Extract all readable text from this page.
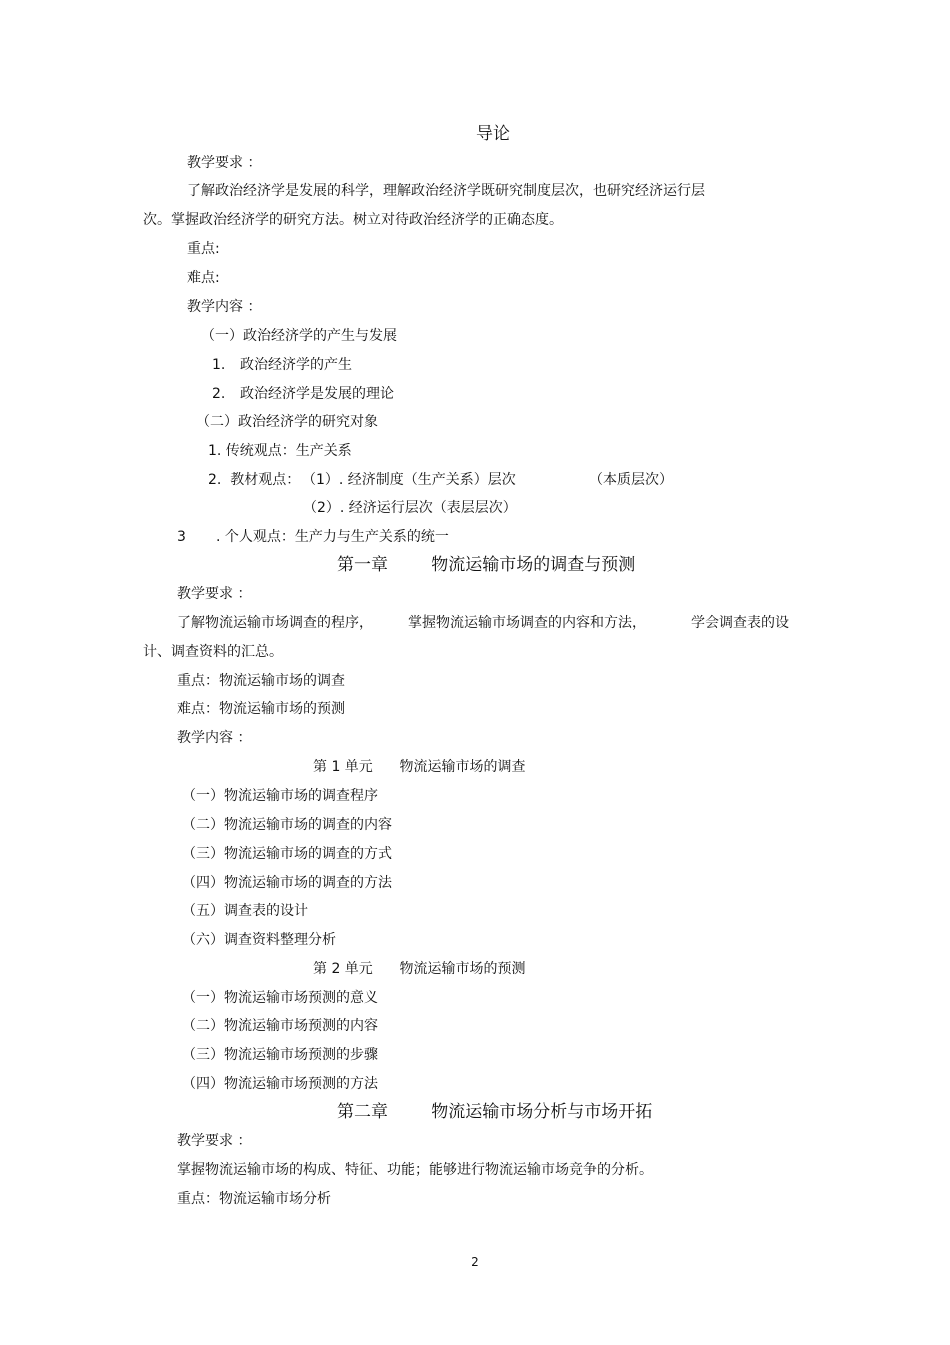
导论
教学要求 ：
了解政治经济学是发展的科学，理解政治经济学既研究制度层次，也研究经济运行层
次。掌握政治经济学的研究方法。树立对待政治经济学的正确态度。
重点:
难点:
教学内容 ：
（一）政治经济学的产生与发展
1. 政治经济学的产生
2. 政治经济学是发展的理论
（二）政治经济学的研究对象
1. 传统观点：生产关系
2.  教材观点： （1）. 经济制度（生产关系）层次	（本质层次）
（2）. 经济运行层次（表层层次）
3 . 个人观点：生产力与生产关系的统一
第一章        物流运输市场的调查与预测
教学要求 ：
了解物流运输市场调查的程序，	掌握物流运输市场调查的内容和方法，	学会调查表的设
计、调查资料的汇总。
重点：物流运输市场的调查
难点：物流运输市场的预测
教学内容 ：
第 1 单元      物流运输市场的调查
（一）物流运输市场的调查程序
（二）物流运输市场的调查的内容
（三）物流运输市场的调查的方式
（四）物流运输市场的调查的方法
（五）调查表的设计
（六）调查资料整理分析
第 2 单元      物流运输市场的预测
（一）物流运输市场预测的意义
（二）物流运输市场预测的内容
（三）物流运输市场预测的步骤
（四）物流运输市场预测的方法
第二章        物流运输市场分析与市场开拓
教学要求 ：
掌握物流运输市场的构成、特征、功能；能够进行物流运输市场竞争的分析。
重点：物流运输市场分析
2
